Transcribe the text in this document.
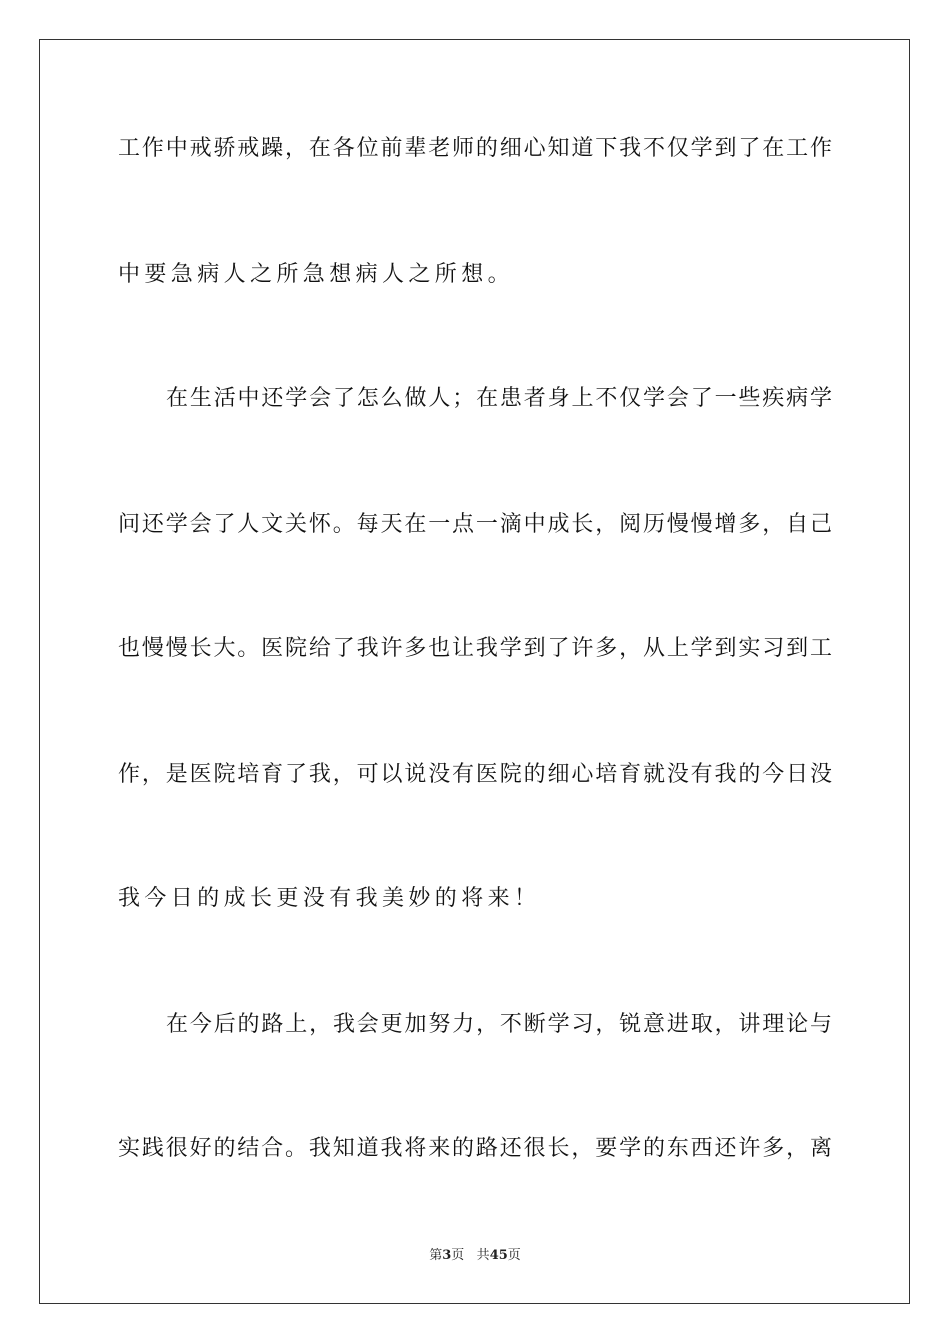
工作中戒骄戒躁，在各位前辈老师的细心知道下我不仅学到了在工作
中要急病人之所急想病人之所想。
在生活中还学会了怎么做人；在患者身上不仅学会了一些疾病学
问还学会了人文关怀。每天在一点一滴中成长，阅历慢慢增多，自己
也慢慢长大。医院给了我许多也让我学到了许多，从上学到实习到工
作，是医院培育了我，可以说没有医院的细心培育就没有我的今日没
我今日的成长更没有我美妙的将来！
在今后的路上，我会更加努力，不断学习，锐意进取，讲理论与
实践很好的结合。我知道我将来的路还很长，要学的东西还许多，离
第3页 共45页
